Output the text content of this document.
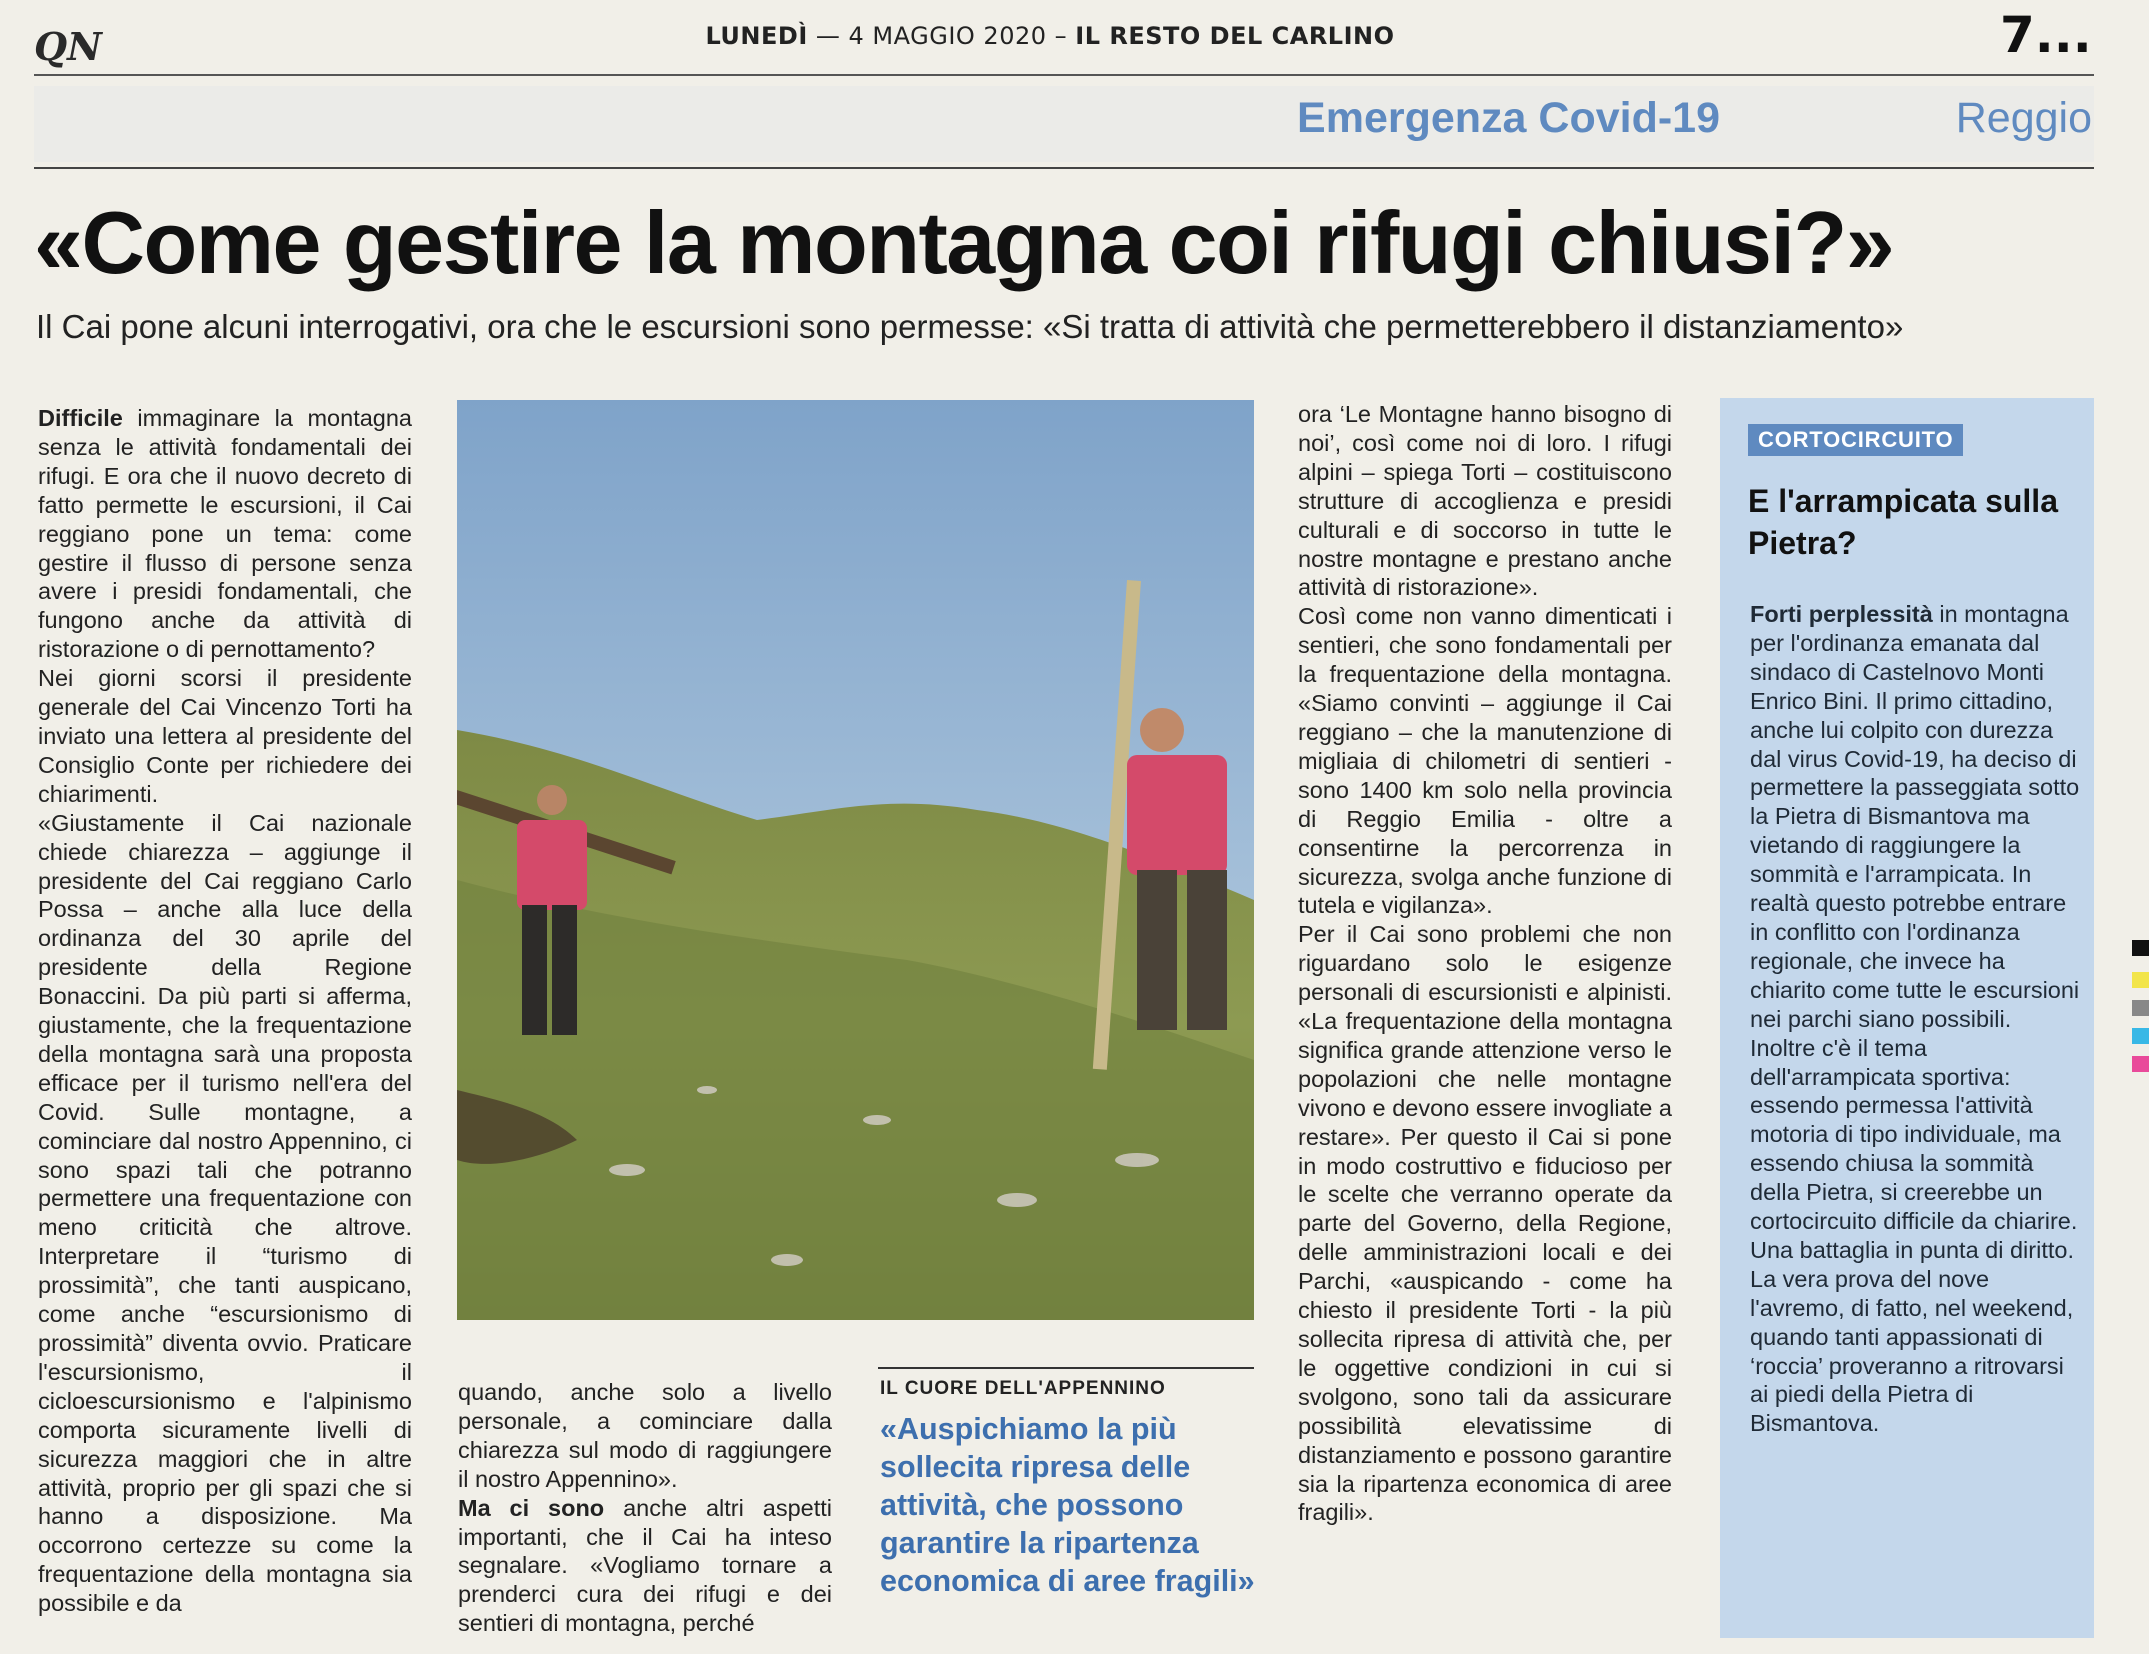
QN	LUNEDÌ — 4 MAGGIO 2020 – IL RESTO DEL CARLINO	7...
Emergenza Covid-19	Reggio
«Come gestire la montagna coi rifugi chiusi?»
Il Cai pone alcuni interrogativi, ora che le escursioni sono permesse: «Si tratta di attività che permetterebbero il distanziamento»

Difficile immaginare la montagna senza le attività fondamentali dei rifugi. E ora che il nuovo decreto di fatto permette le escursioni, il Cai reggiano pone un tema: come gestire il flusso di persone senza avere i presidi fondamentali, che fungono anche da attività di ristorazione o di pernottamento?

Nei giorni scorsi il presidente generale del Cai Vincenzo Torti ha inviato una lettera al presidente del Consiglio Conte per richiedere dei chiarimenti.

«Giustamente il Cai nazionale chiede chiarezza – aggiunge il presidente del Cai reggiano Carlo Possa – anche alla luce della ordinanza del 30 aprile del presidente della Regione Bonaccini. Da più parti si afferma, giustamente, che la frequentazione della montagna sarà una proposta efficace per il turismo nell'era del Covid. Sulle montagne, a cominciare dal nostro Appennino, ci sono spazi tali che potranno permettere una frequentazione con meno criticità che altrove. Interpretare il “turismo di prossimità”, che tanti auspicano, come anche “escursionismo di prossimità” diventa ovvio. Praticare l'escursionismo, il cicloescursionismo e l'alpinismo comporta sicuramente livelli di sicurezza maggiori che in altre attività, proprio per gli spazi che si hanno a disposizione. Ma occorrono certezze su come la frequentazione della montagna sia possibile e da

quando, anche solo a livello personale, a cominciare dalla chiarezza sul modo di raggiungere il nostro Appennino».

Ma ci sono anche altri aspetti importanti, che il Cai ha inteso segnalare. «Vogliamo tornare a prenderci cura dei rifugi e dei sentieri di montagna, perché

IL CUORE DELL'APPENNINO
«Auspichiamo la più sollecita ripresa delle attività, che possono garantire la ripartenza economica di aree fragili»

ora ‘Le Montagne hanno bisogno di noi’, così come noi di loro. I rifugi alpini – spiega Torti – costituiscono strutture di accoglienza e presidi culturali e di soccorso in tutte le nostre montagne e prestano anche attività di ristorazione».

Così come non vanno dimenticati i sentieri, che sono fondamentali per la frequentazione della montagna. «Siamo convinti – aggiunge il Cai reggiano – che la manutenzione di migliaia di chilometri di sentieri - sono 1400 km solo nella provincia di Reggio Emilia - oltre a consentirne la percorrenza in sicurezza, svolga anche funzione di tutela e vigilanza».

Per il Cai sono problemi che non riguardano solo le esigenze personali di escursionisti e alpinisti. «La frequentazione della montagna significa grande attenzione verso le popolazioni che nelle montagne vivono e devono essere invogliate a restare». Per questo il Cai si pone in modo costruttivo e fiducioso per le scelte che verranno operate da parte del Governo, della Regione, delle amministrazioni locali e dei Parchi, «auspicando - come ha chiesto il presidente Torti - la più sollecita ripresa di attività che, per le oggettive condizioni in cui si svolgono, sono tali da assicurare possibilità elevatissime di distanziamento e possono garantire sia la ripartenza economica di aree fragili».

CORTOCIRCUITO
E l'arrampicata sulla Pietra?

Forti perplessità in montagna per l'ordinanza emanata dal sindaco di Castelnovo Monti Enrico Bini. Il primo cittadino, anche lui colpito con durezza dal virus Covid-19, ha deciso di permettere la passeggiata sotto la Pietra di Bismantova ma vietando di raggiungere la sommità e l'arrampicata. In realtà questo potrebbe entrare in conflitto con l'ordinanza regionale, che invece ha chiarito come tutte le escursioni nei parchi siano possibili. Inoltre c'è il tema dell'arrampicata sportiva: essendo permessa l'attività motoria di tipo individuale, ma essendo chiusa la sommità della Pietra, si creerebbe un cortocircuito difficile da chiarire. Una battaglia in punta di diritto. La vera prova del nove l'avremo, di fatto, nel weekend, quando tanti appassionati di ‘roccia’ proveranno a ritrovarsi ai piedi della Pietra di Bismantova.
